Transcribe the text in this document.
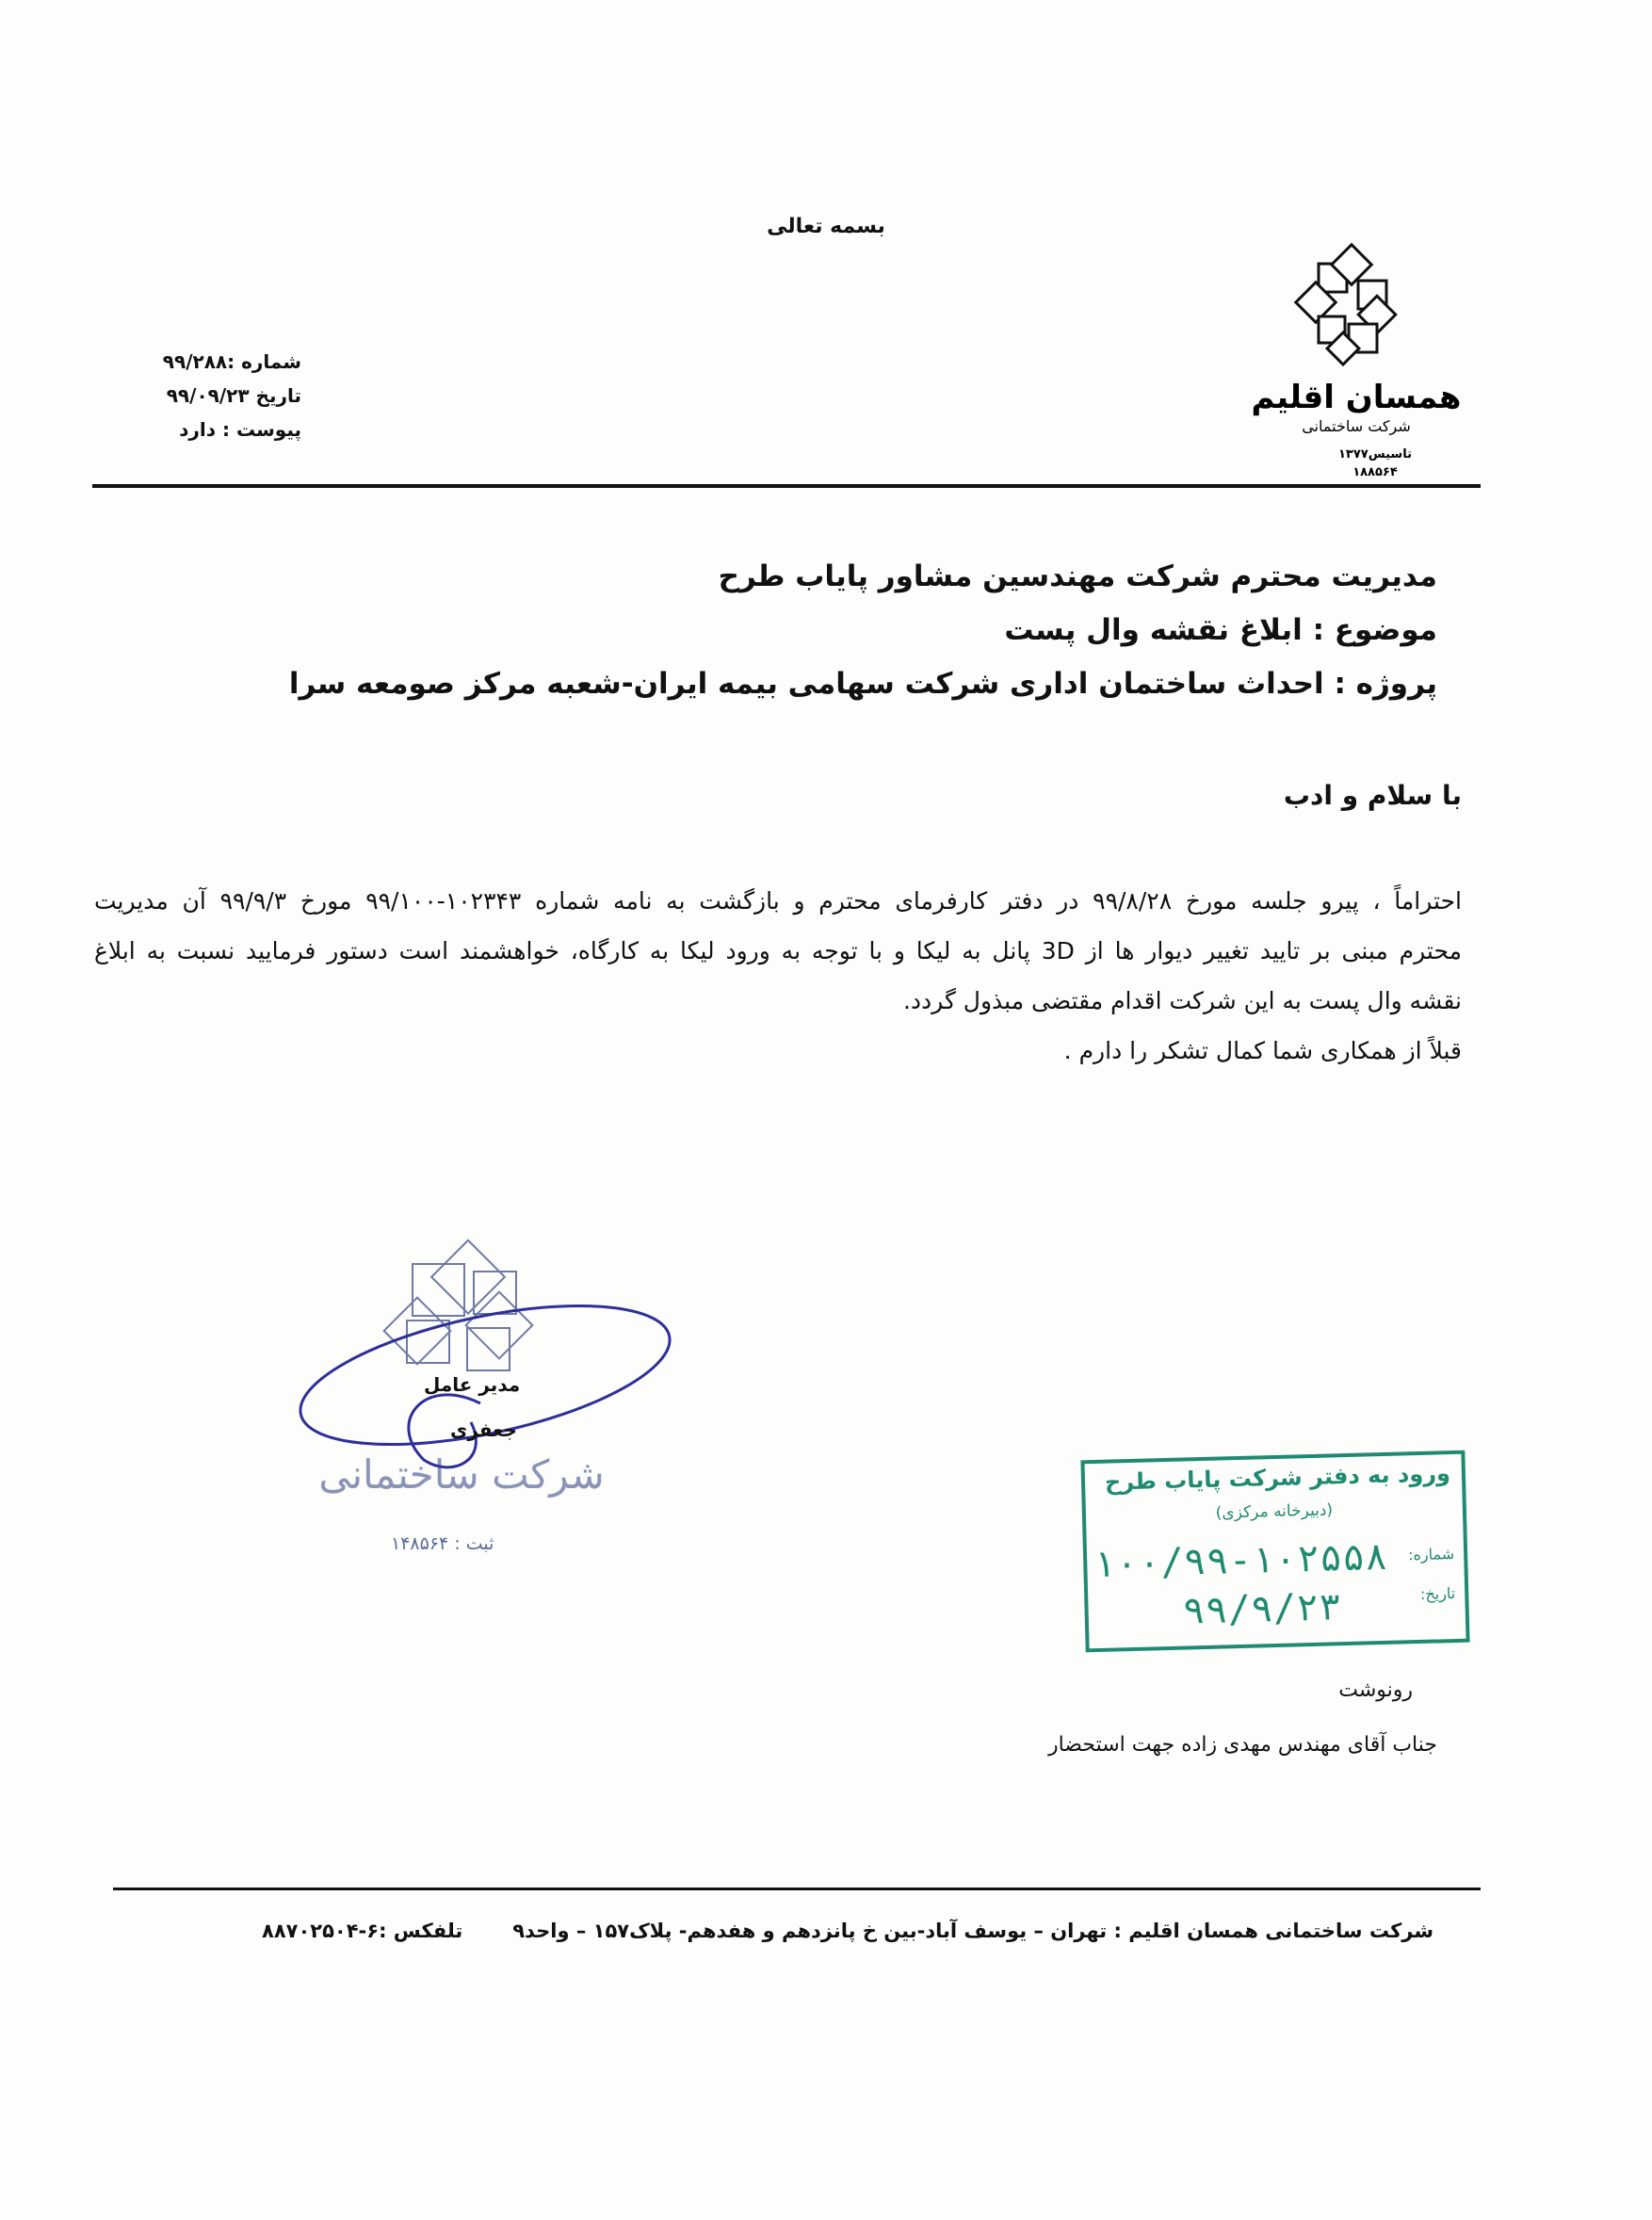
بسمه تعالی
شماره :۹۹/۲۸۸
تاریخ ۹۹/۰۹/۲۳
پیوست : دارد
همسان اقلیم
شرکت ساختمانی
تاسیس۱۳۷۷
۱۸۸۵۶۴
مدیریت محترم شرکت مهندسین مشاور پایاب طرح
موضوع : ابلاغ نقشه وال پست
پروژه : احداث ساختمان اداری شرکت سهامی بیمه ایران-شعبه مرکز صومعه سرا
با سلام و ادب

احتراماً ، پیرو جلسه مورخ ۹۹/۸/۲۸ در دفتر کارفرمای محترم و بازگشت به نامه شماره ۱۰۲۳۴۳-۹۹/۱۰۰ مورخ ۹۹/۹/۳ آن مدیریت

محترم مبنی بر تایید تغییر دیوار ها از 3D پانل به لیکا و با توجه به ورود لیکا به کارگاه، خواهشمند است دستور فرمایید نسبت به ابلاغ

نقشه وال پست به این شرکت اقدام مقتضی مبذول گردد.

قبلاً از همکاری شما کمال تشکر را دارم .

شرکت ساختمانی
مدیر عامل
جعفری
ثبت : ۱۴۸۵۶۴
ورود به دفتر شرکت پایاب طرح
(دبیرخانه مرکزی)
شماره:
۱۰۰/۹۹-۱۰۲۵۵۸
تاریخ:
۹۹/۹/۲۳
رونوشت
جناب آقای مهندس مهدی زاده جهت استحضار
شرکت ساختمانی همسان اقلیم : تهران – یوسف آباد-بین خ پانزدهم و هفدهم- پلاک۱۵۷ – واحد۹
تلفکس :۶-۸۸۷۰۲۵۰۴
